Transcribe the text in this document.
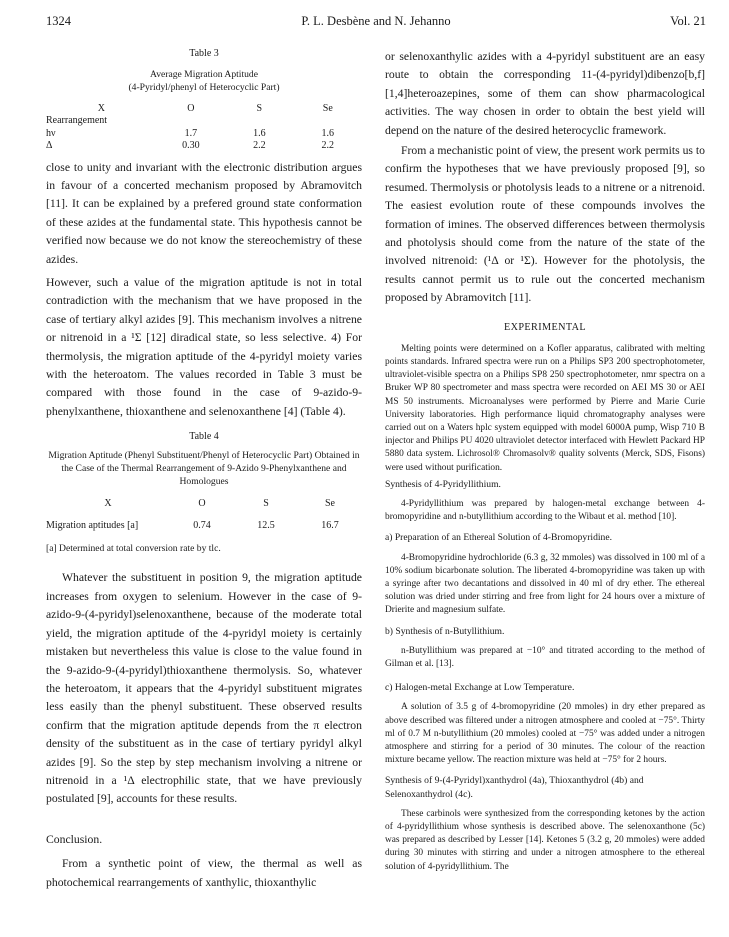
1324	P. L. Desbène and N. Jehanno	Vol. 21
Table 3
Average Migration Aptitude
(4-Pyridyl/phenyl of Heterocyclic Part)
X	O	S	Se
Rearrangement			
hν	1.7	1.6	1.6
Δ	0.30	2.2	2.2

close to unity and invariant with the electronic distribution argues in favour of a concerted mechanism proposed by Abramovitch [11]. It can be explained by a prefered ground state conformation of these azides at the fundamental state. This hypothesis cannot be verified now because we do not know the stereochemistry of these azides.

However, such a value of the migration aptitude is not in total contradiction with the mechanism that we have proposed in the case of tertiary alkyl azides [9]. This mechanism involves a nitrene or nitrenoid in a ¹Σ [12] diradical state, so less selective. 4) For thermolysis, the migration aptitude of the 4-pyridyl moiety varies with the heteroatom. The values recorded in Table 3 must be compared with those found in the case of 9-azido-9-phenylxanthene, thioxanthene and selenoxanthene [4] (Table 4).

Table 4
Migration Aptitude (Phenyl Substituent/Phenyl of Heterocyclic Part) Obtained in the Case of the Thermal Rearrangement of 9-Azido 9-Phenylxanthene and Homologues
X	O	S	Se

Migration aptitudes [a]	0.74	12.5	16.7
[a] Determined at total conversion rate by tlc.

Whatever the substituent in position 9, the migration aptitude increases from oxygen to selenium. However in the case of 9-azido-9-(4-pyridyl)selenoxanthene, because of the moderate total yield, the migration aptitude of the 4-pyridyl moiety is certainly mistaken but nevertheless this value is close to the value found in the 9-azido-9-(4-pyridyl)thioxanthene thermolysis. So, whatever the heteroatom, it appears that the 4-pyridyl substituent migrates less easily than the phenyl substituent. These observed results confirm that the migration aptitude depends from the π electron density of the substituent as in the case of tertiary pyridyl alkyl azides [9]. So the step by step mechanism involving a nitrene or nitrenoid in a ¹Δ electrophilic state, that we have previously postulated [9], accounts for these results.

Conclusion.

From a synthetic point of view, the thermal as well as photochemical rearrangements of xanthylic, thioxanthylic

or selenoxanthylic azides with a 4-pyridyl substituent are an easy route to obtain the corresponding 11-(4-pyridyl)dibenzo[b,f][1,4]heteroazepines, some of them can show pharmacological activities. The way chosen in order to obtain the best yield will depend on the nature of the desired heterocyclic framework.

From a mechanistic point of view, the present work permits us to confirm the hypotheses that we have previously proposed [9], so resumed. Thermolysis or photolysis leads to a nitrene or a nitrenoid. The easiest evolution route of these compounds involves the formation of imines. The observed differences between thermolysis and photolysis should come from the nature of the state of the involved nitrenoid: (¹Δ or ¹Σ). However for the photolysis, the results cannot permit us to rule out the concerted mechanism proposed by Abramovitch [11].

EXPERIMENTAL

Melting points were determined on a Kofler apparatus, calibrated with melting points standards. Infrared spectra were run on a Philips SP3 200 spectrophotometer, ultraviolet-visible spectra on a Philips SP8 250 spectrophotometer, nmr spectra on a Bruker WP 80 spectrometer and mass spectra were recorded on AEI MS 30 or AEI MS 50 instruments. Microanalyses were performed by Pierre and Marie Curie University laboratories. High performance liquid chromatography analyses were carried out on a Waters hplc system equipped with model 6000A pump, Wisp 710 B injector and Philips PU 4020 ultraviolet detector interfaced with Hewlett Packard HP 5880 data system. Lichrosol® Chromasolv® quality solvents (Merck, SDS, Fisons) were used without purification.

Synthesis of 4-Pyridyllithium.

4-Pyridyllithium was prepared by halogen-metal exchange between 4-bromopyridine and n-butyllithium according to the Wibaut et al. method [10].

a) Preparation of an Ethereal Solution of 4-Bromopyridine.

4-Bromopyridine hydrochloride (6.3 g, 32 mmoles) was dissolved in 100 ml of a 10% sodium bicarbonate solution. The liberated 4-bromopyridine was taken up with a syringe after two decantations and dissolved in 40 ml of dry ether. The ethereal solution was dried under stirring and free from light for 24 hours over a mixture of Drierite and magnesium sulfate.

b) Synthesis of n-Butyllithium.

n-Butyllithium was prepared at −10° and titrated according to the method of Gilman et al. [13].

c) Halogen-metal Exchange at Low Temperature.

A solution of 3.5 g of 4-bromopyridine (20 mmoles) in dry ether prepared as above described was filtered under a nitrogen atmosphere and cooled at −75°. Thirty ml of 0.7 M n-butyllithium (20 mmoles) cooled at −75° was added under a nitrogen atmosphere and stirring for a period of 30 minutes. The colour of the reaction mixture became yellow. The reaction mixture was held at −75° for 2 hours.

Synthesis of 9-(4-Pyridyl)xanthydrol (4a), Thioxanthydrol (4b) and Selenoxanthydrol (4c).

These carbinols were synthesized from the corresponding ketones by the action of 4-pyridyllithium whose synthesis is described above. The selenoxanthone (5c) was prepared as described by Lesser [14]. Ketones 5 (3.2 g, 20 mmoles) were added during 30 minutes with stirring and under a nitrogen atmosphere to the ethereal solution of 4-pyridyllithium. The
